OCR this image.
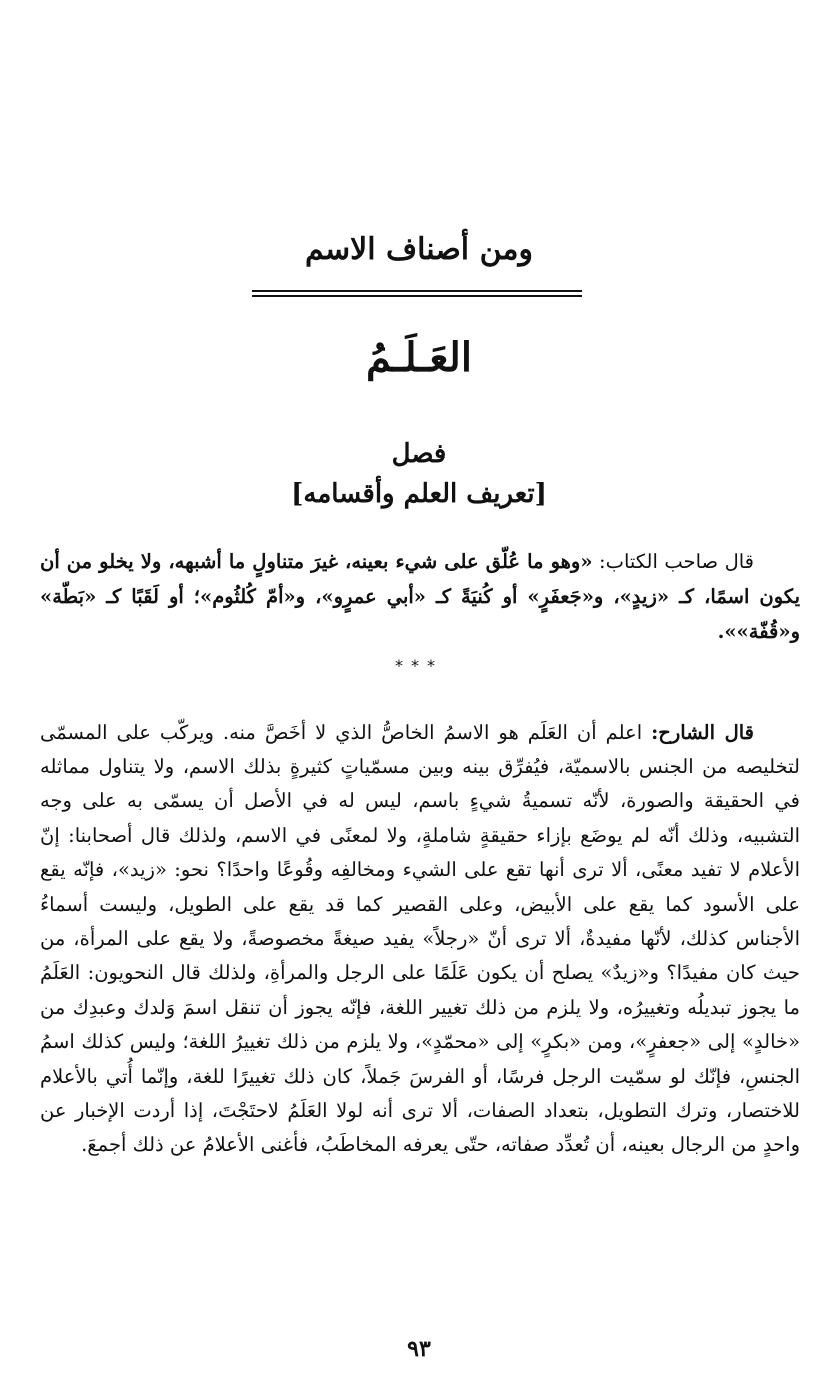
ومن أصناف الاسم
العَـلَـمُ
فصل
[تعريف العلم وأقسامه]

قال صاحب الكتاب: «وهو ما عُلّق على شيء بعينه، غيرَ متناولٍ ما أشبهه، ولا يخلو من أن يكون اسمًا، كـ «زيدٍ»، و«جَعفَرٍ» أو كُنيَةً كـ «أبي عمرٍو»، و«أمّ كُلثُوم»؛ أو لَقَبًا كـ «بَطّة» و«قُفّة»».

***

قال الشارح: اعلم أن العَلَم هو الاسمُ الخاصُّ الذي لا أخَصَّ منه. ويركّب على المسمّى لتخليصه من الجنس بالاسميّة، فيُفرِّق بينه وبين مسمّياتٍ كثيرةٍ بذلك الاسم، ولا يتناول مماثله في الحقيقة والصورة، لأنّه تسميةُ شيءٍ باسم، ليس له في الأصل أن يسمّى به على وجه التشبيه، وذلك أنّه لم يوضَع بإزاء حقيقةٍ شاملةٍ، ولا لمعنًى في الاسم، ولذلك قال أصحابنا: إنّ الأعلام لا تفيد معنًى، ألا ترى أنها تقع على الشيء ومخالفِه وقُوعًا واحدًا؟ نحو: «زيد»، فإنّه يقع على الأسود كما يقع على الأبيض، وعلى القصير كما قد يقع على الطويل، وليست أسماءُ الأجناس كذلك، لأنّها مفيدةٌ، ألا ترى أنّ «رجلاً» يفيد صيغةً مخصوصةً، ولا يقع على المرأة، من حيث كان مفيدًا؟ و«زيدٌ» يصلح أن يكون عَلَمًا على الرجل والمرأةِ، ولذلك قال النحويون: العَلَمُ ما يجوز تبديلُه وتغييرُه، ولا يلزم من ذلك تغيير اللغة، فإنّه يجوز أن تنقل اسمَ وَلدك وعبدِك من «خالدٍ» إلى «جعفرٍ»، ومن «بكرٍ» إلى «محمّدٍ»، ولا يلزم من ذلك تغييرُ اللغة؛ وليس كذلك اسمُ الجنسِ، فإنّك لو سمّيت الرجل فرسًا، أو الفرسَ جَملاً، كان ذلك تغييرًا للغة، وإنّما أُتي بالأعلام للاختصار، وترك التطويل، بتعداد الصفات، ألا ترى أنه لولا العَلَمُ لاحتَجْتَ، إذا أردت الإخبار عن واحدٍ من الرجال بعينه، أن تُعدِّد صفاته، حتّى يعرفه المخاطَبُ، فأغنى الأعلامُ عن ذلك أجمعَ.

٩٣
